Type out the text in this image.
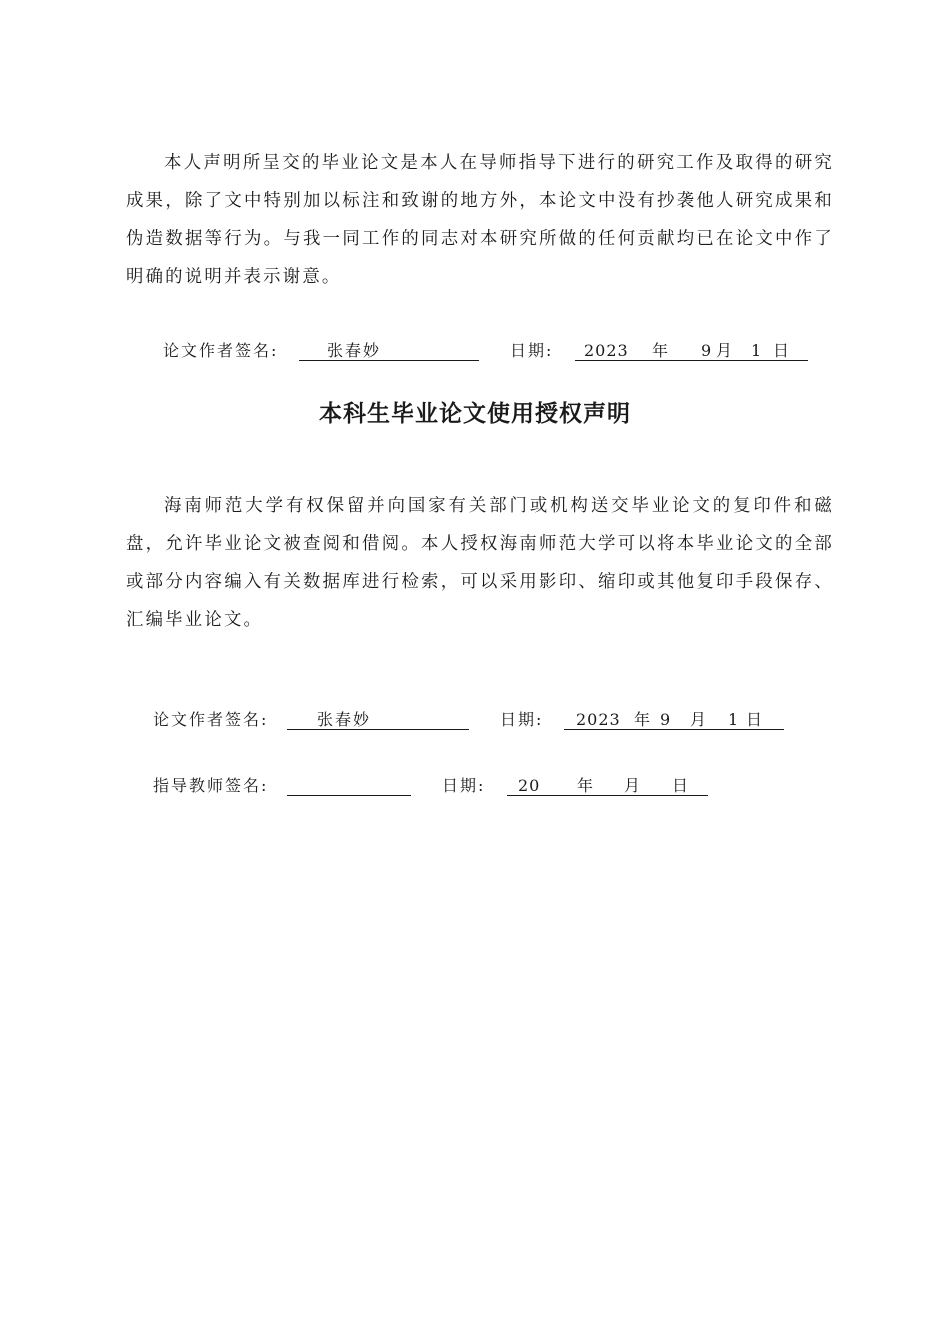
本人声明所呈交的毕业论文是本人在导师指导下进行的研究工作及取得的研究成果，除了文中特别加以标注和致谢的地方外，本论文中没有抄袭他人研究成果和伪造数据等行为。与我一同工作的同志对本研究所做的任何贡献均已在论文中作了明确的说明并表示谢意。

论文作者签名:	张春妙	日期: 2023 年 9 月 1 日
本科生毕业论文使用授权声明

海南师范大学有权保留并向国家有关部门或机构送交毕业论文的复印件和磁盘，允许毕业论文被查阅和借阅。本人授权海南师范大学可以将本毕业论文的全部或部分内容编入有关数据库进行检索，可以采用影印、缩印或其他复印手段保存、汇编毕业论文。

论文作者签名:	张春妙	日期: 2023 年 9 月 1 日
指导教师签名:	日期: 20 年 月 日
